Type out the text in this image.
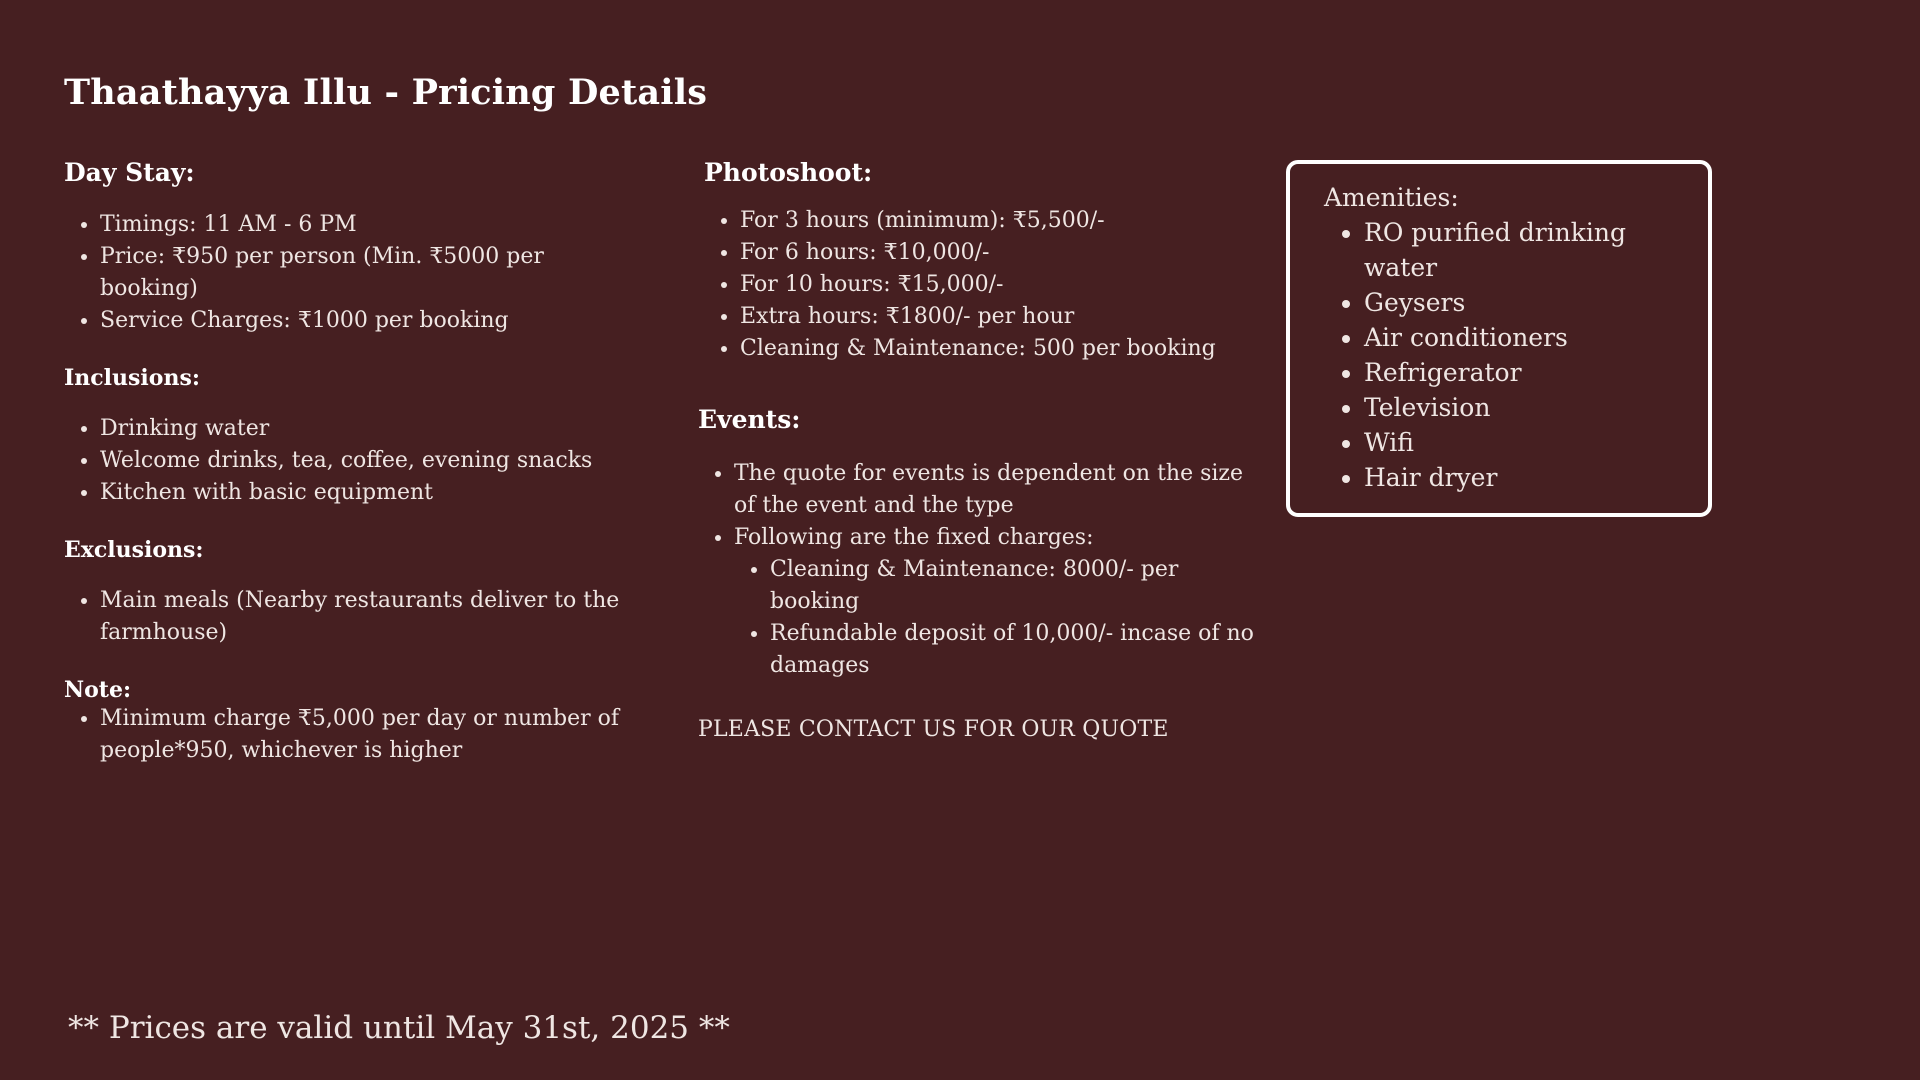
Thaathayya Illu - Pricing Details
Day Stay:
• Timings: 11 AM - 6 PM
• Price: ₹950 per person (Min. ₹5000 per booking)
• Service Charges: ₹1000 per booking
Inclusions:
• Drinking water
• Welcome drinks, tea, coffee, evening snacks
• Kitchen with basic equipment
Exclusions:
• Main meals (Nearby restaurants deliver to the farmhouse)
Note:
• Minimum charge ₹5,000 per day or number of people*950, whichever is higher
Photoshoot:
• For 3 hours (minimum): ₹5,500/-
• For 6 hours: ₹10,000/-
• For 10 hours: ₹15,000/-
• Extra hours: ₹1800/- per hour
• Cleaning & Maintenance: 500 per booking
Events:
• The quote for events is dependent on the size of the event and the type
• Following are the fixed charges:
• Cleaning & Maintenance: 8000/- per booking
• Refundable deposit of 10,000/- incase of no damages
PLEASE CONTACT US FOR OUR QUOTE
Amenities:
• RO purified drinking water
• Geysers
• Air conditioners
• Refrigerator
• Television
• Wifi
• Hair dryer
** Prices are valid until May 31st, 2025 **
